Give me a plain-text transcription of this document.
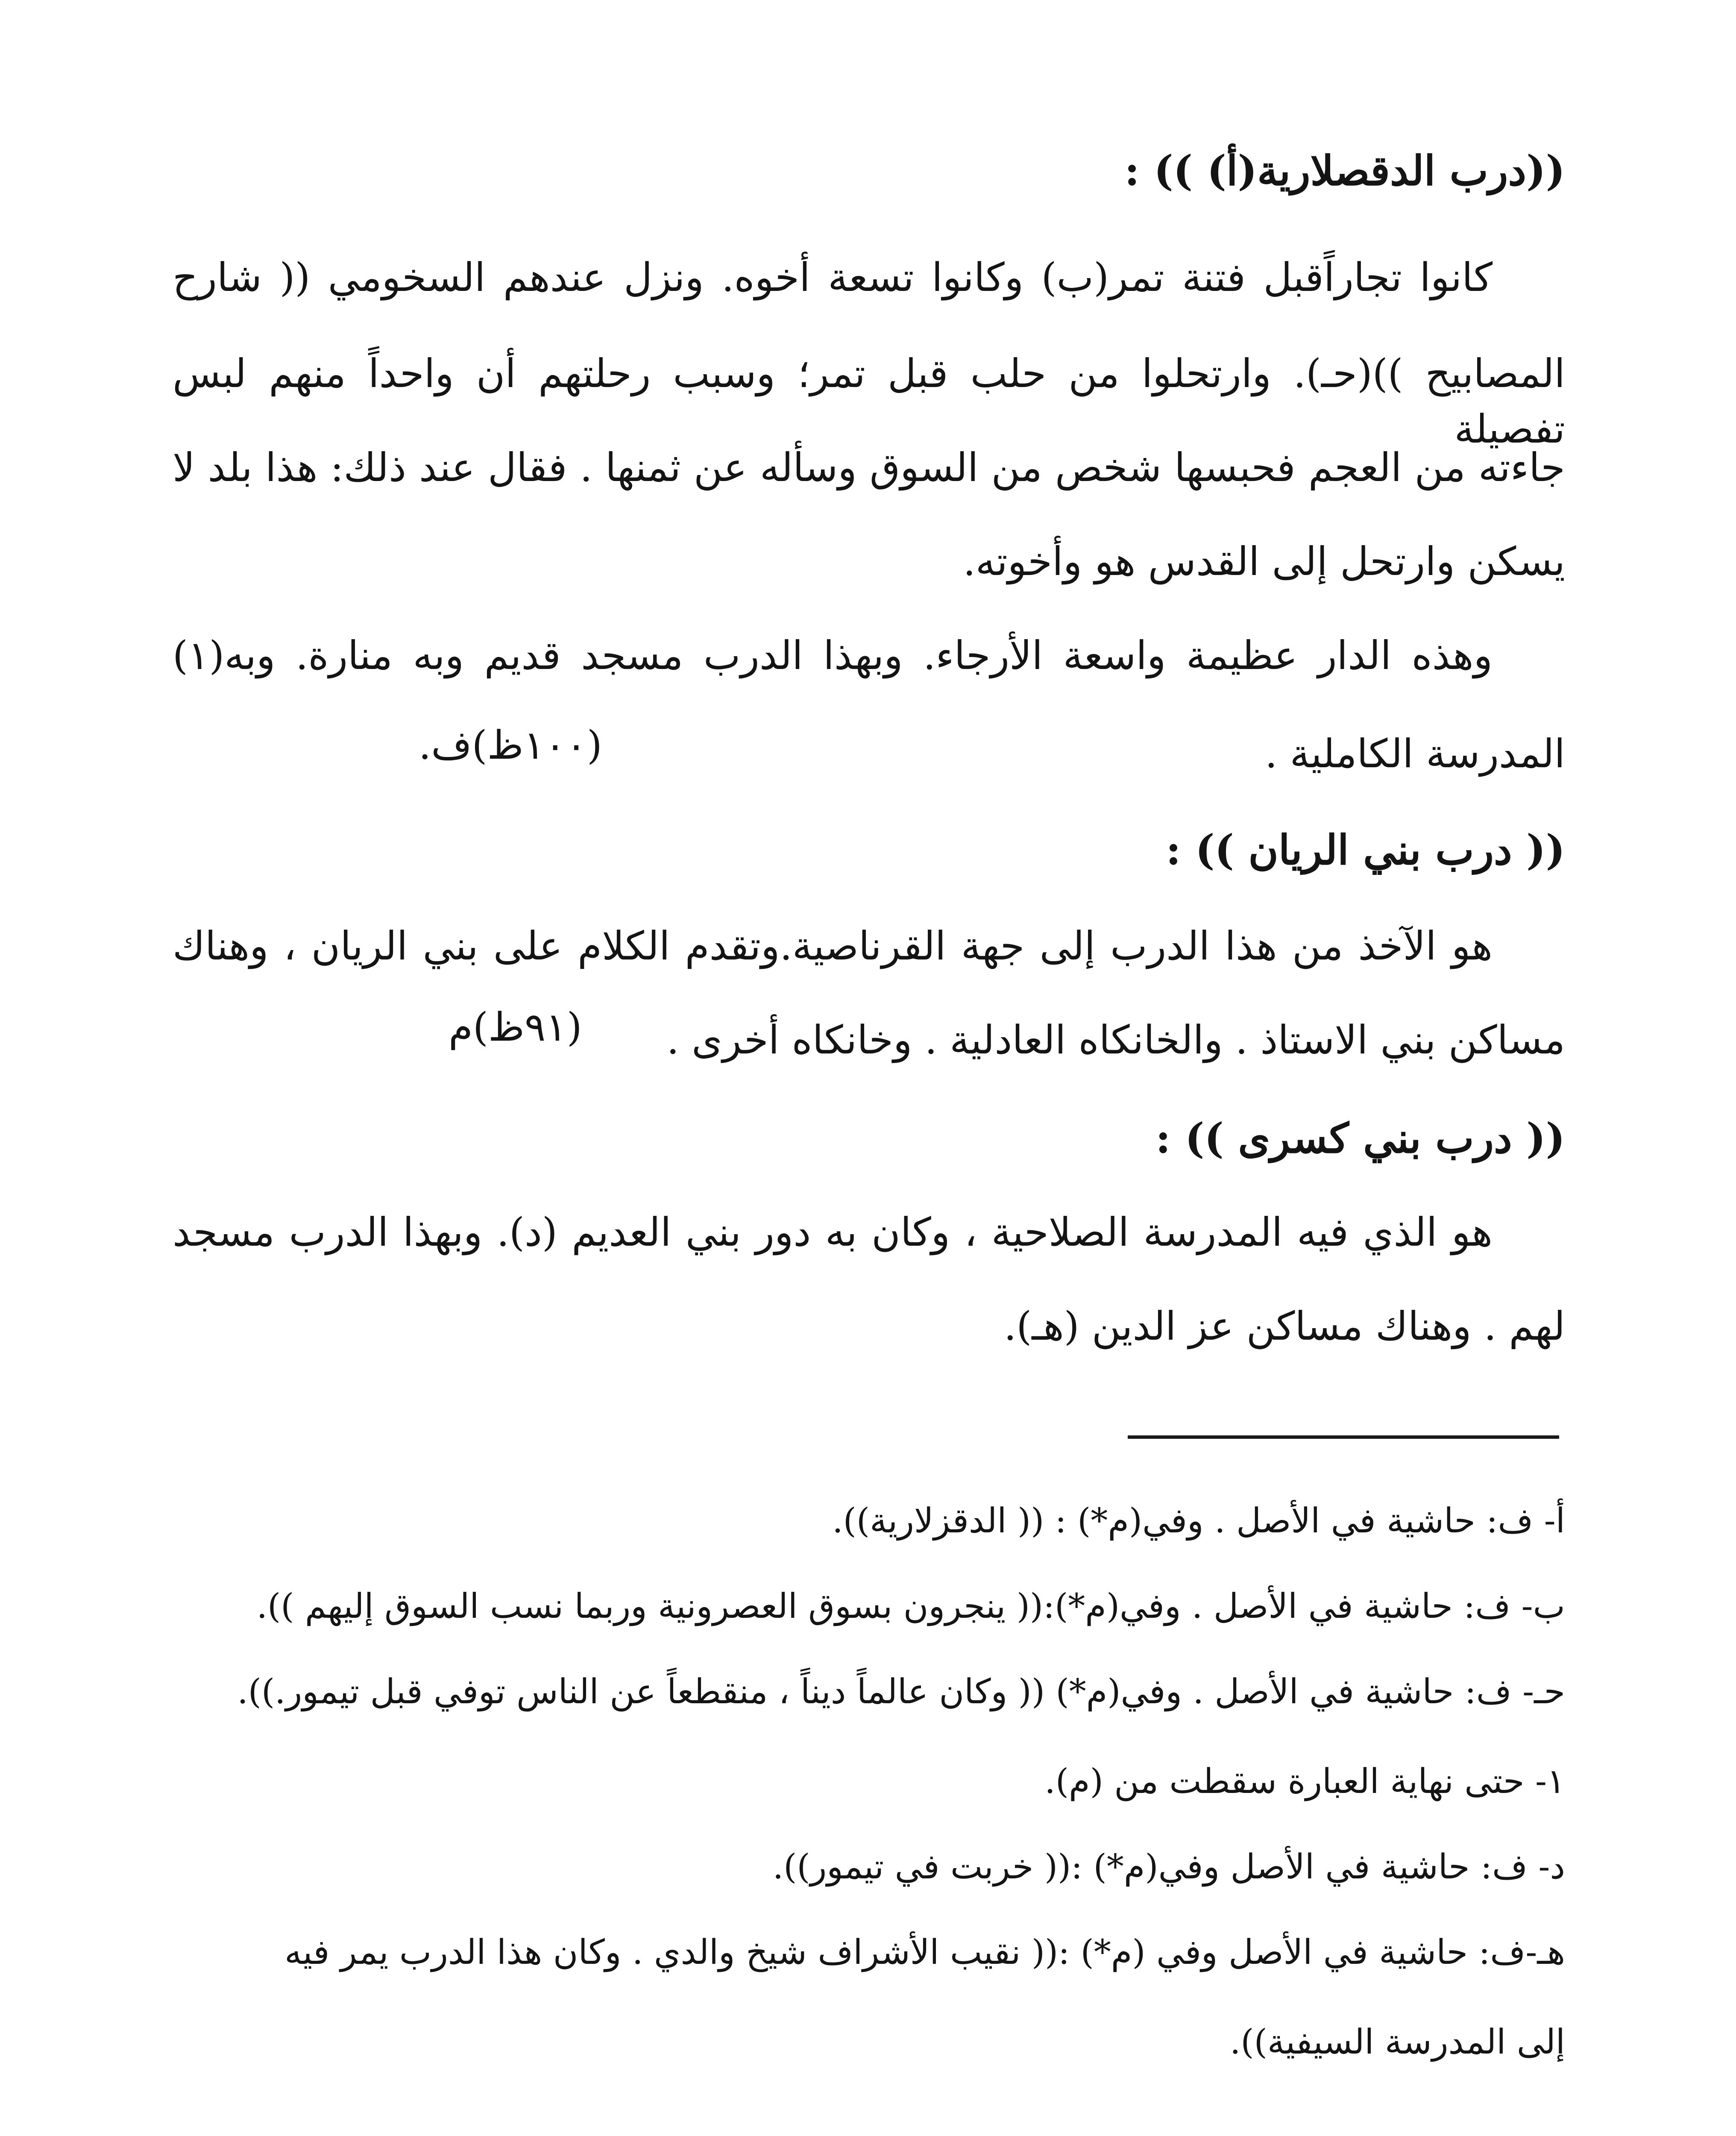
((درب الدقصلارية(أ) )) :
كانوا تجاراًقبل فتنة تمر(ب) وكانوا تسعة أخوه. ونزل عندهم السخومي (( شارح
المصابيح ))(حـ). وارتحلوا من حلب قبل تمر؛ وسبب رحلتهم أن واحداً منهم لبس تفصيلة
جاءته من العجم فحبسها شخص من السوق وسأله عن ثمنها . فقال عند ذلك: هذا بلد لا
يسكن وارتحل إلى القدس هو وأخوته.
وهذه الدار عظيمة واسعة الأرجاء. وبهذا الدرب مسجد قديم وبه منارة. وبه(١)
المدرسة الكاملية .
(١٠٠ظ)ف.
(( درب بني الريان )) :
هو الآخذ من هذا الدرب إلى جهة القرناصية.وتقدم الكلام على بني الريان ، وهناك
مساكن بني الاستاذ . والخانكاه العادلية . وخانكاه أخرى .
(٩١ظ)م
(( درب بني كسرى )) :
هو الذي فيه المدرسة الصلاحية ، وكان به دور بني العديم (د). وبهذا الدرب مسجد
لهم . وهناك مساكن عز الدين (هـ).
أ- ف: حاشية في الأصل . وفي(م*) : (( الدقزلارية)).
ب- ف: حاشية في الأصل . وفي(م*):(( ينجرون بسوق العصرونية وربما نسب السوق إليهم )).
حـ- ف: حاشية في الأصل . وفي(م*) (( وكان عالماً ديناً ، منقطعاً عن الناس توفي قبل تيمور.)).
١- حتى نهاية العبارة سقطت من (م).
د- ف: حاشية في الأصل وفي(م*) :(( خربت في تيمور)).
هـ-ف: حاشية في الأصل وفي (م*) :(( نقيب الأشراف شيخ والدي . وكان هذا الدرب يمر فيه
إلى المدرسة السيفية)).
